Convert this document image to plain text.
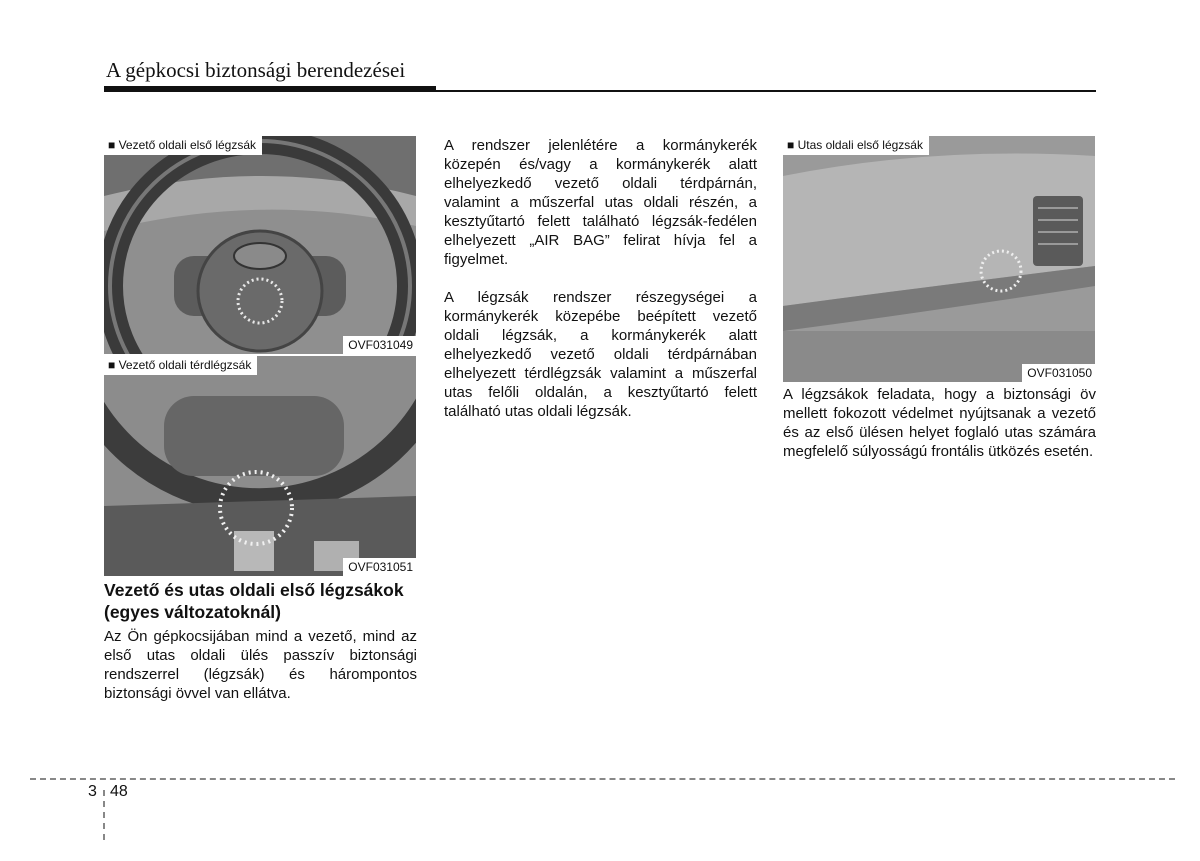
A gépkocsi biztonsági berendezései
■ Vezető oldali első légzsák
OVF031049
■ Vezető oldali térdlégzsák
OVF031051
■ Utas oldali első légzsák
OVF031050
Vezető és utas oldali első légzsákok (egyes változatoknál)

Az Ön gépkocsijában mind a vezető, mind az első utas oldali ülés passzív biztonsági rendszerrel (légzsák) és hárompontos biztonsági övvel van ellátva.

A rendszer jelenlétére a kormánykerék közepén és/vagy a kormánykerék alatt elhelyezkedő vezető oldali térdpárnán, valamint a műszerfal utas oldali részén, a kesztyűtartó felett található légzsák-fedélen elhelyezett „AIR BAG” felirat hívja fel a figyelmet.

A légzsák rendszer részegységei a kormánykerék közepébe beépített vezető oldali légzsák, a kormánykerék alatt elhelyezkedő vezető oldali térdpárnában elhelyezett térdlégzsák valamint a műszerfal utas felőli oldalán, a kesztyűtartó felett található utas oldali légzsák.

A légzsákok feladata, hogy a biztonsági öv mellett fokozott védelmet nyújtsanak a vezető és az első ülésen helyet foglaló utas számára megfelelő súlyosságú frontális ütközés esetén.

3 48
